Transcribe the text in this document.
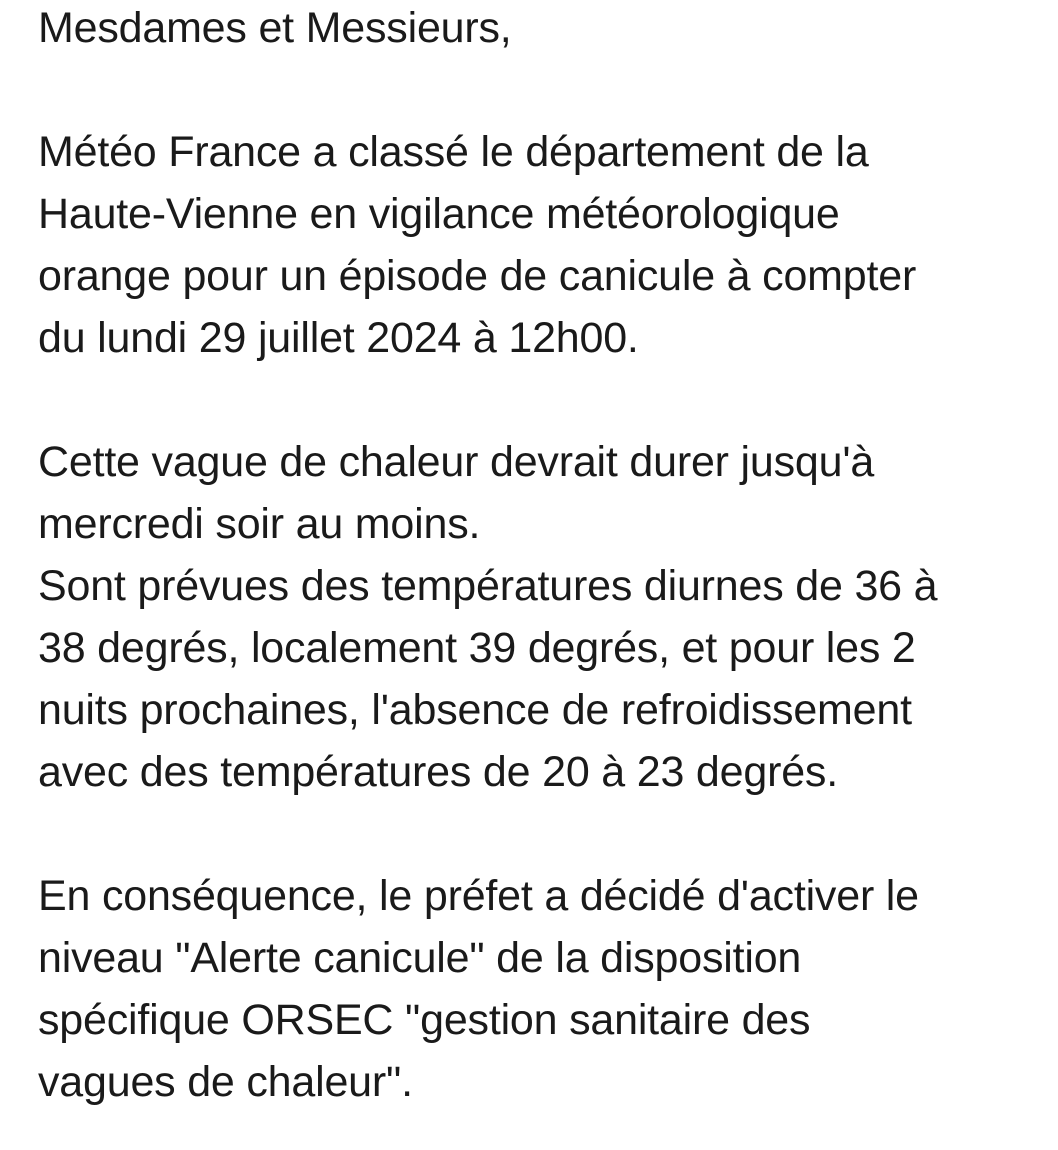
Mesdames et Messieurs,
Météo France a classé le département de la
Haute-Vienne en vigilance météorologique
orange pour un épisode de canicule à compter
du lundi 29 juillet 2024 à 12h00.
Cette vague de chaleur devrait durer jusqu'à
mercredi soir au moins.
Sont prévues des températures diurnes de 36 à
38 degrés, localement 39 degrés, et pour les 2
nuits prochaines, l'absence de refroidissement
avec des températures de 20 à 23 degrés.
En conséquence, le préfet a décidé d'activer le
niveau "Alerte canicule" de la disposition
spécifique ORSEC "gestion sanitaire des
vagues de chaleur".
